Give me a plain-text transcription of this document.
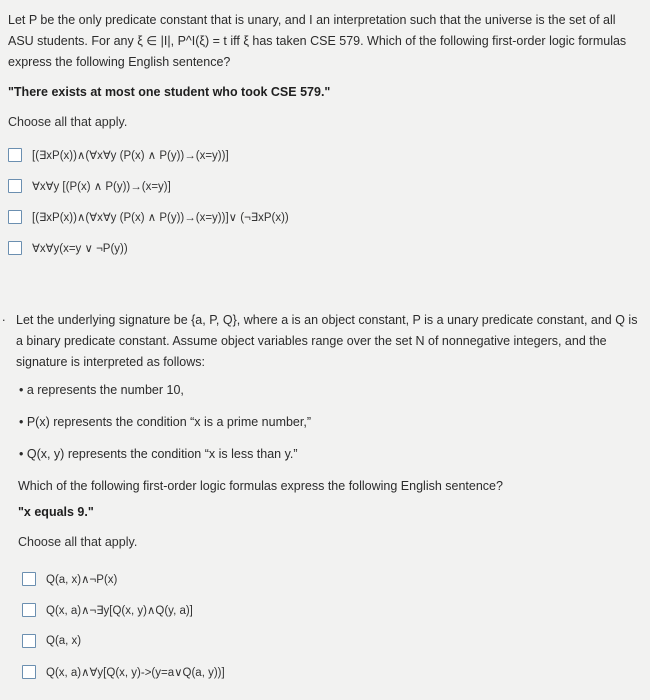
Let P be the only predicate constant that is unary, and I an interpretation such that the universe is the set of all ASU students. For any ξ ∈ |I|, P^I(ξ) = t iff ξ has taken CSE 579. Which of the following first-order logic formulas express the following English sentence?

"There exists at most one student who took CSE 579."

Choose all that apply.

[(∃xP(x))∧(∀x∀y (P(x) ∧ P(y))→(x=y))]
∀x∀y [(P(x) ∧ P(y))→(x=y)]
[(∃xP(x))∧(∀x∀y (P(x) ∧ P(y))→(x=y))]∨ (¬∃xP(x))
∀x∀y(x=y ∨ ¬P(y))
. Let the underlying signature be {a, P, Q}, where a is an object constant, P is a unary predicate constant, and Q is a binary predicate constant. Assume object variables range over the set N of nonnegative integers, and the signature is interpreted as follows:

• a represents the number 10,
• P(x) represents the condition “x is a prime number,”
• Q(x, y) represents the condition “x is less than y.”

Which of the following first-order logic formulas express the following English sentence?

"x equals 9."

Choose all that apply.

Q(a, x)∧¬P(x)
Q(x, a)∧¬∃y[Q(x, y)∧Q(y, a)]
Q(a, x)
Q(x, a)∧∀y[Q(x, y)->(y=a∨Q(a, y))]
